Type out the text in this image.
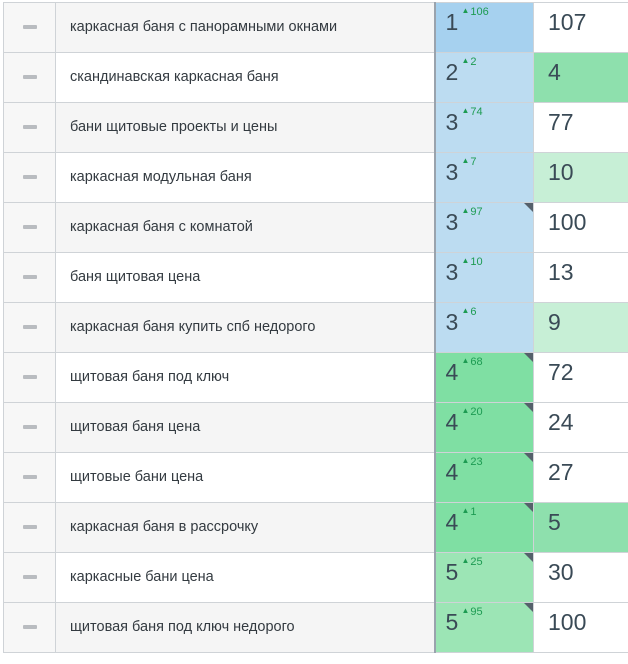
	каркасная баня с панорамными окнами	1 ▲106	107

	скандинавская каркасная баня	2 ▲2	4

	бани щитовые проекты и цены	3 ▲74	77

	каркасная модульная баня	3 ▲7	10

	каркасная баня с комнатой	3 ▲97	100

	баня щитовая цена	3 ▲10	13

	каркасная баня купить спб недорого	3 ▲6	9

	щитовая баня под ключ	4 ▲68	72

	щитовая баня цена	4 ▲20	24

	щитовые бани цена	4 ▲23	27

	каркасная баня в рассрочку	4 ▲1	5

	каркасные бани цена	5 ▲25	30

	щитовая баня под ключ недорого	5 ▲95	100
